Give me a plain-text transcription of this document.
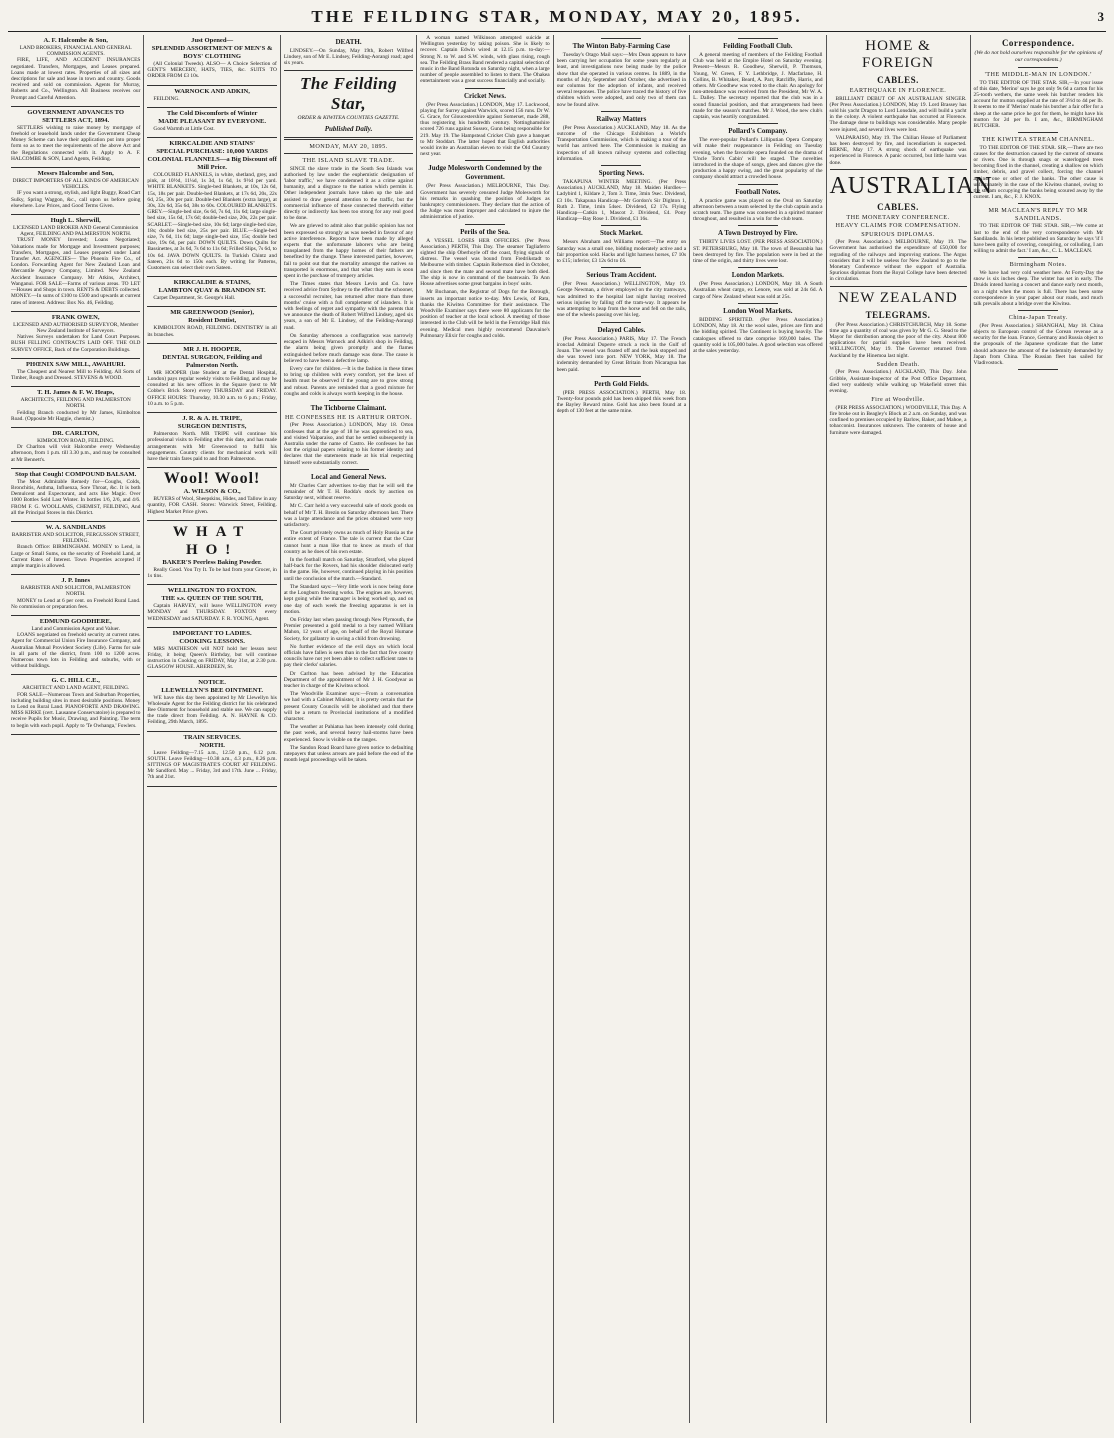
THE FEILDING STAR, MONDAY, MAY 20, 1895.	3
A. F. Halcombe & Son,
LAND BROKERS, FINANCIAL AND GENERAL COMMISSION AGENTS.

FIRE, LIFE, AND ACCIDENT INSURANCES negotiated. Transfers, Mortgages, and Leases prepared. Loans made at lowest rates. Properties of all sizes and descriptions for sale and lease in town and country. Goods received and sold on commission. Agents for Murray, Roberts and Co., Wellington. All Business receives our Prompt and Careful Attention.

GOVERNMENT ADVANCES TO SETTLERS ACT, 1894.

SETTLERS wishing to raise money by mortgage of freehold or leasehold lands under the Government Cheap Money Scheme can have their application put into proper form so as to meet the requirements of the above Act and the Regulations connected with it. Apply to A. F. HALCOMBE & SON, Land Agents, Feilding.

Messrs Halcombe and Son,
DIRECT IMPORTERS OF ALL KINDS OF AMERICAN VEHICLES.

IF you want a strong, stylish, and light Buggy, Road Cart Sulky, Spring Waggon, &c., call upon us before going elsewhere. Low Prices, and Good Terms Given.

Hugh L. Sherwill,
LICENSED LAND BROKER AND General Commission Agent, FEILDING AND PALMERSTON NORTH.

TRUST MONEY Invested; Loans Negotiated; Valuations made for Mortgage and Investment purposes; Transfers, Mortgages, and Leases prepared under Land Transfer Act. AGENCIES— The Phoenix Fire Co., of London. Forwarding Agent for New Zealand Loan and Mercantile Agency Company, Limited. New Zealand Accident Insurance Company. Mr Atkins, Architect, Wanganui. FOR SALE—Farms of various areas. TO LET—Houses and Shops in town. RENTS & DEBTS collected. MONEY.—In sums of £100 to £500 and upwards at current rates of interest. Address: Box No. 46, Feilding.

FRANK OWEN,
LICENSED AND AUTHORISED SURVEYOR, Member New Zealand Institute of Surveyors.

Natives Surveys undertaken for Land Court Purposes. BUSH FELLING CONTRACTS LAID OFF. THE OLD SURVEY OFFICE, Back of the Corporation Buildings.

PHŒNIX SAW MILL, AWAHURI.

The Cheapest and Nearest Mill to Feilding. All Sorts of Timber, Rough and Dressed. STEVENS & WOOD.

T. H. James & F. W. Heaps,
ARCHITECTS, FEILDING AND PALMERSTON NORTH.

Feilding Branch conducted by Mr James, Kimbolton Road. (Opposite Mr Haggie, chemist.)

DR. CARLTON,
KIMBOLTON ROAD, FEILDING.

Dr Charlton will visit Halcombe every Wednesday afternoon, from 1 p.m. till 3.30 p.m., and may be consulted at Mr Bennett's.

Stop that Cough! COMPOUND BALSAM.

The Most Admirable Remedy for—Coughs, Colds, Bronchitis, Asthma, Influenza, Sore Throat, &c. It is both Demulcent and Expectorant, and acts like Magic. Over 1000 Bottles Sold Last Winter. In bottles 1/6, 2/6, and 4/6. FROM F. G. WOOLLAMS, CHEMIST, FEILDING, And all the Principal Stores in this District.

W. A. SANDILANDS
BARRISTER AND SOLICITOR, FERGUSSON STREET, FEILDING.

Branch Office: BIRMINGHAM. MONEY to Lend, in Large or Small Sums, on the security of Freehold Land, at Current Rates of Interest. Town Properties accepted if ample margin is allowed.

J. P. Innes
BARRISTER AND SOLICITOR, PALMERSTON NORTH.

MONEY to Lend at 6 per cent. on Freehold Rural Land. No commission or preparation fees.

EDMUND GOODHERE,
Land and Commission Agent and Valuer.

LOANS negotiated on freehold security at current rates. Agent for Commercial Union Fire Insurance Company, and Australian Mutual Provident Society (Life). Farms for sale in all parts of the district, from 100 to 1200 acres. Numerous town lots in Feilding and suburbs, with or without buildings.

G. C. HILL C.E.,
ARCHITECT AND LAND AGENT, FEILDING.

FOR SALE—Numerous Town and Suburban Properties, including building sites in most desirable positions. Money to Lend on Rural Land. PIANOFORTE AND DRAWING. MISS KIRKE (cert. Lausanne Conservatoire) is prepared to receive Pupils for Music, Drawing, and Painting. The term to begin with each pupil. Apply to 'Te Owhanga,' Fowlers.

Just Opened—
SPLENDID ASSORTMENT OF MEN'S & BOYS' CLOTHING

(All Colonial Tweeds). ALSO— A Choice Selection of GENT'S MERCERY, HATS, TIES, &c. SUITS TO ORDER FROM £3 10s.

WARNOCK AND ADKIN,

FEILDING.

The Cold Discomforts of Winter
MADE PLEASANT BY EVERYONE.

Good Warmth at Little Cost.

KIRKCALDIE AND STAINS'
SPECIAL PURCHASE: 10,000 YARDS COLONIAL FLANNELS—a Big Discount off Mill Price.

COLOURED FLANNELS, in white, shetland, grey, and pink, at 10½d, 11¼d, 1s 3d, 1s 6d, 1s 9½d per yard. WHITE BLANKETS. Single-bed Blankets, at 10s, 12s 6d, 15s, 18s per pair. Double-bed Blankets, at 17s 6d, 20s, 22s 6d, 25s, 30s per pair. Double-bed Blankets (extra large), at 30s, 32s 6d, 35s 6d, 38s to 60s. COLOURED BLANKETS. GREY.—Single-bed size, 6s 6d, 7s 6d, 11s 6d; large single-bed size, 15s 6d, 17s 6d; double-bed size, 20s, 22s per pair. SCARLET.—Single-bed size, 10s 6d; large single-bed size, 18s; double bed size, 25s per pair. BLUE.—Single-bed size, 7s 6d, 11s 6d; large single-bed size, 15s; double bed size, 19s 6d, per pair. DOWN QUILTS. Down Quilts for Bassinettes, at 3s 6d, 7s 6d to 11s 6d; Frilled Slips, 7s 6d, to 10s 6d. JAVA DOWN QUILTS. In Turkish Chintz and Sateen, 21s 6d to 150s each. By writing for Patterns, Customers can select their own Sateen.

KIRKCALDIE & STAINS,
LAMBTON QUAY & BRANDON ST.

Carpet Department, St. George's Hall.

MR GREENWOOD (Senior),
Resident Dentist,

KIMBOLTON ROAD, FEILDING. DENTISTRY in all its branches.

MR J. H. HOOPER,
DENTAL SURGEON, Feilding and Palmerston North.

MR HOOPER (late Student at the Dental Hospital, London) pays regular weekly visits to Feilding, and may be consulted at his new offices in the Square (next to Mr Cobbe's Brick Store) every THURSDAY and FRIDAY. OFFICE HOURS: Thursday, 10.30 a.m. to 6 p.m.; Friday, 10 a.m. to 5 p.m.

J. R. & A. H. TRIPE,
SURGEON DENTISTS,

Palmerston North. MR TRIPE will continue his professional visits to Feilding after this date, and has made arrangements with Mr Greenwood to fulfil his engagements. Country clients for mechanical work will have their train fares paid to and from Palmerston.

Wool! Wool!
A. WILSON & CO.,

BUYERS of Wool, Sheepskins, Hides, and Tallow in any quantity, FOR CASH. Stores: Warwick Street, Feilding. Highest Market Price given.

WHAT HO!
BAKER'S Peerless Baking Powder.

Really Good. You Try It. To be had from your Grocer, in 1s tins.

WELLINGTON TO FOXTON.
THE s.s. QUEEN OF THE SOUTH,

Captain HARVEY, will leave WELLINGTON every MONDAY and THURSDAY. FOXTON every WEDNESDAY and SATURDAY. F. R. YOUNG, Agent.

IMPORTANT TO LADIES.
COOKING LESSONS.

MRS MATHESON will NOT hold her lesson next Friday, it being Queen's Birthday, but will continue instruction in Cooking on FRIDAY, May 31st, at 2.30 p.m. GLASGOW HOUSE. ABERDEEN, St.

NOTICE.
LLEWELLYN'S BEE OINTMENT.

WE have this day been appointed by Mr Llewellyn his Wholesale Agent for the Feilding district for his celebrated Bee Ointment for household and stable use. We can supply the trade direct from Feilding. A. N. HAYNE & CO. Feilding, 29th March, 1895.

TRAIN SERVICES.
NORTH.

Leave Feilding—7.15 a.m., 12.50 p.m., 6.12 p.m. SOUTH. Leave Feilding—10.38 a.m., 4.3 p.m., 8.26 p.m. SITTINGS OF MAGISTRATE'S COURT AT FEILDING. Mr Sandford. May ... Friday, 3rd and 17th. June ... Friday, 7th and 21st.

DEATH.

LINDSEY.—On Sunday, May 19th, Robert Wilfred Lindsey, son of Mr E. Lindsey, Feilding-Aorangi road; aged six years.

The Feilding Star,
ORDER & KIWITEA COUNTIES GAZETTE.
Published Daily.
MONDAY, MAY 20, 1895.
THE ISLAND SLAVE TRADE.

SINCE the slave trade in the South Sea Islands was authorised by law under the euphemistic designation of 'labor traffic,' we have condemned it as a crime against humanity, and a disgrace to the nation which permits it. Other independent journals have taken up the tale and assisted to draw general attention to the traffic, but the commercial influence of those connected therewith either directly or indirectly has been too strong for any real good to be done.

We are grieved to admit also that public opinion has not been expressed so strongly as was needed in favour of any active interference. Reports have been made by alleged experts that the unfortunate laborers who are being transplanted from the happy homes of their fathers are benefited by the change. These interested parties, however, fail to point out that the mortality amongst the natives so transported is enormous, and that what they earn is soon spent in the purchase of trumpery articles.

The Times states that Messrs Levin and Co. have received advice from Sydney to the effect that the schooner, a successful recruiter, has returned after more than three months' cruise with a full complement of islanders. It is with feelings of regret and sympathy with the parents that we announce the death of Robert Wilfred Lindsey, aged six years, a son of Mr E. Lindsey, of the Feilding-Aorangi road.

On Saturday afternoon a conflagration was narrowly escaped in Messrs Warnock and Adkin's shop in Feilding, the alarm being given promptly and the flames extinguished before much damage was done. The cause is believed to have been a defective lamp.

Every care for children.—It is the fashion in these times to bring up children with every comfort, yet the laws of health must be observed if the young are to grow strong and robust. Parents are reminded that a good mixture for coughs and colds is always worth keeping in the house.

The Tichborne Claimant.
HE CONFESSES HE IS ARTHUR ORTON.

(Per Press Association.) LONDON, May 18. Orton confesses that at the age of 18 he was apprenticed to sea, and visited Valparaiso, and that he settled subsequently in Australia under the name of Castro. He confesses he has lost the original papers relating to his former identity and declares that the statements made at his trial respecting himself were substantially correct.

Local and General News.

Mr Charles Carr advertises to-day that he will sell the remainder of Mr T. H. Rodda's stock by auction on Saturday next, without reserve.

Mr C. Carr held a very successful sale of stock goods on behalf of Mr T. H. Brezin on Saturday afternoon last. There was a large attendance and the prices obtained were very satisfactory.

The Court privately owns as much of Holy Russia as the entire extent of France. The tale is current that the Czar cannot hunt a man like that to know as much of that country as he does of his own estate.

In the football match on Saturday, Stratford, who played half-back for the Rovers, had his shoulder dislocated early in the game. He, however, continued playing in his position until the conclusion of the match.—Standard.

The Standard says:—Very little work is now being done at the Longburn freezing works. The engines are, however, kept going while the manager is being worked up, and on one day of each week the freezing apparatus is set in motion.

On Friday last when passing through New Plymouth, the Premier presented a gold medal to a boy named William Mahon, 12 years of age, on behalf of the Royal Humane Society, for gallantry in saving a child from drowning.

No further evidence of the evil days on which local officials have fallen is seen than in the fact that five county councils have not yet been able to collect sufficient rates to pay their clerks' salaries.

Dr Carlton has been advised by the Education Department of the appointment of Mr J. H. Goodyear as teacher in charge of the Kiwitea school.

The Woodville Examiner says:—From a conversation we had with a Cabinet Minister, it is pretty certain that the present County Councils will be abolished and that there will be a return to Provincial institutions of a modified character.

The weather at Pahiatua has been intensely cold during the past week, and several heavy hail-storms have been experienced. Snow is visible on the ranges.

The Sandon Road Board have given notice to defaulting ratepayers that unless arrears are paid before the end of the month legal proceedings will be taken.

A woman named Wilkinson attempted suicide at Wellington yesterday by taking poison. She is likely to recover. Captain Edwin wired at 12.15 p.m. to-day:—Strong N. to W. and S.W. winds, with glass rising, rough sea. The Feilding Brass Band rendered a capital selection of music in the Band Rotunda on Saturday night, when a large number of people assembled to listen to them. The Ohakea entertainment was a great success financially and socially.

Cricket News.

(Per Press Association.) LONDON, May 17. Lockwood, playing for Surrey against Warwick, scored 156 runs. Dr W. G. Grace, for Gloucestershire against Somerset, made 288, thus registering his hundredth century. Nottinghamshire scored 726 runs against Sussex, Gunn being responsible for 219. May 19. The Hampstead Cricket Club gave a banquet to Mr Stoddart. The latter hoped that English authorities would invite an Australian eleven to visit the Old Country next year.

Judge Molesworth Condemned by the Government.

(Per Press Association.) MELBOURNE, This Day. Government has severely censured Judge Molesworth for his remarks in quashing the position of Judges as bankruptcy commissioners. They declare that the action of the Judge was most improper and calculated to injure the administration of justice.

Perils of the Sea.

A VESSEL LOSES HER OFFICERS. (Per Press Association.) PERTH, This Day. The steamer Tagliaferro sighted the ship Oberhoyle off the coast, flying signals of distress. The vessel was bound from Fredrikstadt to Melbourne with timber. Captain Robertson died in October, and since then the mate and second mate have both died. The ship is now in command of the boatswain. To Ann House advertises some great bargains in boys' suits.

Mr Buchanan, the Registrar of Dogs for the Borough, inserts an important notice to-day. Mrs Lewis, of Rata, thanks the Kiwitea Committee for their assistance. The Woodville Examiner says there were 80 applicants for the position of teacher at the local school. A meeting of those interested in the Club will be held in the Fernridge Hall this evening. Medical men highly recommend Dauvaine's Pulmonary Elixir for coughs and colds.

The Winton Baby-Farming Case

Tuesday's Otago Mail says:—Mrs Dean appears to have been carrying her occupation for some years regularly at least, and investigations now being made by the police show that she operated in various centres. In 1889, in the months of July, September and October, she advertised in our columns for the adoption of infants, and received several responses. The police have traced the history of five children which were adopted, and only two of them can now be found alive.

Railway Matters

(Per Press Association.) AUCKLAND, May 18. As the outcome of the Chicago Exhibition a World's Transportation Commission, which is making a tour of the world has arrived here. The Commission is making an inspection of all known railway systems and collecting information.

Sporting News.

TAKAPUNA WINTER MEETING. (Per Press Association.) AUCKLAND, May 18. Maiden Hurdles—Ladybird 1, Kildare 2, Tom 3. Time, 3min 9sec. Dividend, £3 10s. Takapuna Handicap—Mr Gordon's Sir Dighton 1, Ruth 2. Time, 1min 54sec. Dividend, £2 17s. Flying Handicap—Catkin 1, Mascot 2. Dividend, £4. Pony Handicap—Bay Rose 1. Dividend, £1 16s.

Stock Market.

Messrs Abraham and Williams report:—The entry on Saturday was a small one, bidding moderately active and a fair proportion sold. Hacks and light harness horses, £7 10s to £15; inferior, £3 12s 6d to £6.

Serious Tram Accident.

(Per Press Association.) WELLINGTON, May 19. George Newman, a driver employed on the city tramways, was admitted to the hospital last night having received serious injuries by falling off the tram-way. It appears he was attempting to leap from the horse and fell on the rails, one of the wheels passing over his leg.

Delayed Cables.

(Per Press Association.) PARIS, May 17. The French ironclad Admiral Duperre struck a rock in the Gulf of Jouan. The vessel was floated off and the leak stopped and she was towed into port. NEW YORK, May 18. The indemnity demanded by Great Britain from Nicaragua has been paid.

Perth Gold Fields.

(PER PRESS ASSOCIATION.) PERTH, May 18. Twenty-four pounds gold has been shipped this week from the Bayley Reward mine. Gold has also been found at a depth of 130 feet at the same mine.

Feilding Football Club.

A general meeting of members of the Feilding Football Club was held at the Empire Hotel on Saturday evening. Present—Messrs R. Goodhew, Sherwill, P. Thomson, Young, W. Green, F. Y. Lethbridge, J. Macfarlane, H. Collins, B. Whitaker, Beard, A. Parr, Ratcliffe, Harris, and others. Mr Goodhew was voted to the chair. An apology for non-attendance was received from the President, Mr W. A. L. Dalley. The secretary reported that the club was in a sound financial position, and that arrangements had been made for the season's matches. Mr J. Wood, the new club's captain, was heartily congratulated.

Pollard's Company.

The ever-popular Pollard's Lilliputian Opera Company will make their reappearance in Feilding on Tuesday evening, when the favourite opera founded on the drama of 'Uncle Tom's Cabin' will be staged. The novelties introduced in the shape of songs, glees and dances give the production a happy swing, and the great popularity of the company should attract a crowded house.

Football Notes.

A practice game was played on the Oval on Saturday afternoon between a team selected by the club captain and a scratch team. The game was contested in a spirited manner throughout, and resulted in a win for the club team.

A Town Destroyed by Fire.

THIRTY LIVES LOST. (PER PRESS ASSOCIATION.) ST. PETERSBURG, May 18. The town of Bessarabia has been destroyed by fire. The population were in bed at the time of the origin, and thirty lives were lost.

London Markets.

(Per Press Association.) LONDON, May 18. A South Australian wheat cargo, ex Lenore, was sold at 24s 6d. A cargo of New Zealand wheat was sold at 25s.

London Wool Markets.

BIDDING SPIRITED. (Per Press Association.) LONDON, May 18. At the wool sales, prices are firm and the bidding spirited. The Continent is buying heavily. The catalogues offered to date comprise 169,000 bales. The quantity sold is 105,000 bales. A good selection was offered at the sales yesterday.

HOME & FOREIGN
CABLES.
EARTHQUAKE IN FLORENCE.

BRILLIANT DEBUT OF AN AUSTRALIAN SINGER. (Per Press Association.) LONDON, May 19. Lord Brassey has sold his yacht Dragon to Lord Lonsdale, and will build a yacht in the colony. A violent earthquake has occurred at Florence. The damage done to buildings was considerable. Many people were injured, and several lives were lost.

VALPARAISO, May 19. The Chilian House of Parliament has been destroyed by fire, and incendiarism is suspected. BERNE, May 17. A strong shock of earthquake was experienced in Florence. A panic occurred, but little harm was done.

AUSTRALIAN
CABLES.
THE MONETARY CONFERENCE.
HEAVY CLAIMS FOR COMPENSATION.
SPURIOUS DIPLOMAS.

(Per Press Association.) MELBOURNE, May 19. The Government has authorised the expenditure of £50,000 for regrading of the railways and improving stations. The Argus considers that it will be useless for New Zealand to go to the Monetary Conference without the support of Australia. Spurious diplomas from the Royal College have been detected in circulation.

NEW ZEALAND
TELEGRAMS.

(Per Press Association.) CHRISTCHURCH, May 18. Some time ago a quantity of coal was given by Mr G. G. Stead to the Mayor for distribution among the poor of the city. About 800 applications for partial supplies have been received. WELLINGTON, May 19. The Governor returned from Auckland by the Hinemoa last night.

Sudden Death.

(Per Press Association.) AUCKLAND, This Day. John Gribble, Assistant-Inspector of the Post Office Department, died very suddenly while walking up Wakefield street this evening.

Fire at Woodville.

(PER PRESS ASSOCIATION.) WOODVILLE, This Day. A fire broke out in Beagley's Block at 2 a.m. on Sunday, and was confined to premises occupied by Barlow, Baker, and Mahoe, a tobacconist. Insurances unknown. The contents of house and furniture were damaged.

Correspondence.
(We do not hold ourselves responsible for the opinions of our correspondents.)
'THE MIDDLE-MAN IN LONDON.'

TO THE EDITOR OF THE STAR. SIR,—In your issue of this date, 'Merino' says he got only 9s 6d a carton for his 25-tooth wethers, the same week his butcher renders his account for mutton supplied at the rate of 3½d to 4d per lb. It seems to me if 'Merino' made his butcher a fair offer for a sheep at the same price he got for them, he might have his mutton for 2d per lb. I am, &c., BIRMINGHAM BUTCHER.

THE KIWITEA STREAM CHANNEL.

TO THE EDITOR OF THE STAR. SIR,—There are two causes for the destruction caused by the current of streams or rivers. One is through snags or waterlogged trees becoming fixed in the channel, creating a shallow on which timber, debris, and gravel collect, forcing the channel against one or other of the banks. The other cause is unfortunately in the case of the Kiwitea channel, owing to the stream occupying the banks being scoured away by the current. I am, &c., F. J. KNOX.

MR MACLEAN'S REPLY TO MR SANDILANDS.

TO THE EDITOR OF THE STAR. SIR,—We come at last to the end of the very correspondence with Mr Sandilands. In his letter published on Saturday he says 'if I have been guilty of covering, conspiring, or colluding, I am willing to admit the fact.' I am, &c., C. L. MACLEAN.

Birmingham Notes.

We have had very cold weather here. At Forty-Day the snow is six inches deep. The winter has set in early. The Druids intend having a concert and dance early next month, on a night when the moon is full. There has been some correspondence in your paper about our roads, and much talk prevails about a bridge over the Kiwitea.

China-Japan Treaty.

(Per Press Association.) SHANGHAI, May 18. China objects to European control of the Corean revenue as a security for the loan. France, Germany and Russia object to the proposals of the Japanese syndicate that the latter should advance the amount of the indemnity demanded by Japan from China. The Russian fleet has sailed for Vladivostock.
